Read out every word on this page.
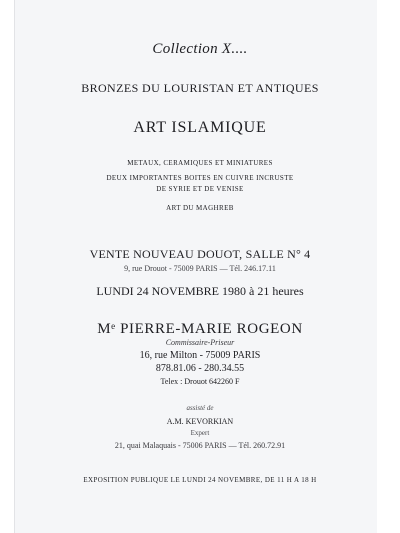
Collection X....

BRONZES DU LOURISTAN ET ANTIQUES

ART ISLAMIQUE

METAUX, CERAMIQUES ET MINIATURES

DEUX IMPORTANTES BOITES EN CUIVRE INCRUSTE

DE SYRIE ET DE VENISE

ART DU MAGHREB

VENTE NOUVEAU DOUOT, SALLE N° 4

9, rue Drouot - 75009 PARIS — Tél. 246.17.11

LUNDI 24 NOVEMBRE 1980 à 21 heures

Me PIERRE-MARIE ROGEON

Commissaire-Priseur

16, rue Milton - 75009 PARIS

878.81.06 - 280.34.55

Telex : Drouot 642260 F

assisté de

A.M. KEVORKIAN

Expert

21, quai Malaquais - 75006 PARIS — Tél. 260.72.91

EXPOSITION PUBLIQUE LE LUNDI 24 NOVEMBRE, DE 11 H A 18 H
